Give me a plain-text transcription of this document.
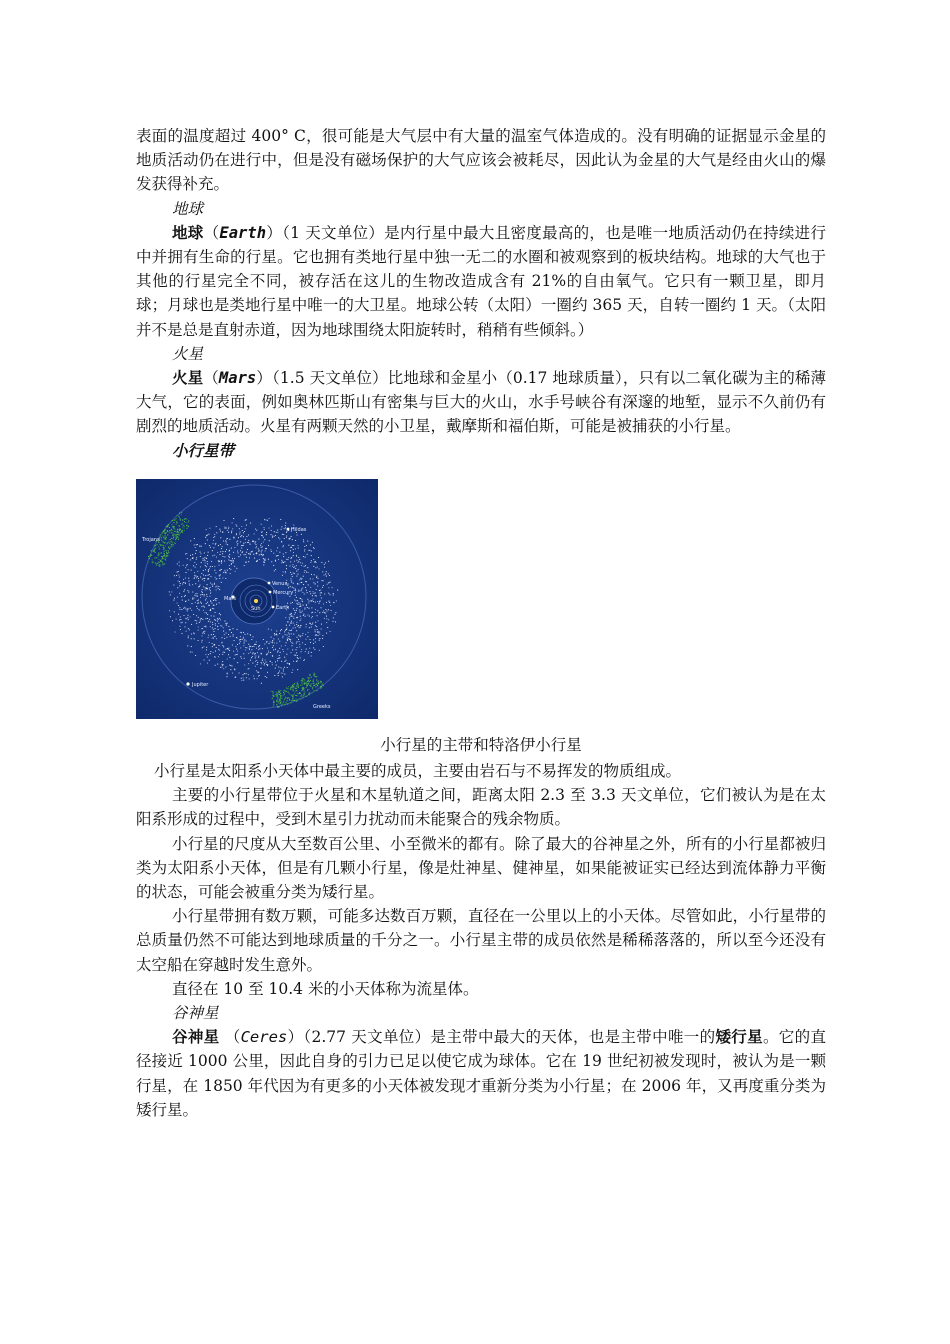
表面的温度超过 400° C，很可能是大气层中有大量的温室气体造成的。没有明确的证据显示金星的地质活动仍在进行中，但是没有磁场保护的大气应该会被耗尽，因此认为金星的大气是经由火山的爆发获得补充。

地球

地球（Earth）（1 天文单位）是内行星中最大且密度最高的，也是唯一地质活动仍在持续进行中并拥有生命的行星。它也拥有类地行星中独一无二的水圈和被观察到的板块结构。地球的大气也于其他的行星完全不同，被存活在这儿的生物改造成含有 21%的自由氧气。它只有一颗卫星，即月球；月球也是类地行星中唯一的大卫星。地球公转（太阳）一圈约 365 天，自转一圈约 1 天。（太阳并不是总是直射赤道，因为地球围绕太阳旋转时，稍稍有些倾斜。）

火星

火星（Mars）（1.5 天文单位）比地球和金星小（0.17 地球质量），只有以二氧化碳为主的稀薄大气，它的表面，例如奥林匹斯山有密集与巨大的火山，水手号峡谷有深邃的地堑，显示不久前仍有剧烈的地质活动。火星有两颗天然的小卫星，戴摩斯和福伯斯，可能是被捕获的小行星。

小行星带

Hildas
Trojans
Greeks
Jupiter
Mars
Venus
Mercury
Earth
Sun

小行星的主带和特洛伊小行星

小行星是太阳系小天体中最主要的成员，主要由岩石与不易挥发的物质组成。

主要的小行星带位于火星和木星轨道之间，距离太阳 2.3 至 3.3 天文单位，它们被认为是在太阳系形成的过程中，受到木星引力扰动而未能聚合的残余物质。

小行星的尺度从大至数百公里、小至微米的都有。除了最大的谷神星之外，所有的小行星都被归类为太阳系小天体，但是有几颗小行星，像是灶神星、健神星，如果能被证实已经达到流体静力平衡的状态，可能会被重分类为矮行星。

小行星带拥有数万颗，可能多达数百万颗，直径在一公里以上的小天体。尽管如此，小行星带的总质量仍然不可能达到地球质量的千分之一。小行星主带的成员依然是稀稀落落的，所以至今还没有太空船在穿越时发生意外。

直径在 10 至 10.4 米的小天体称为流星体。

谷神星

谷神星 （Ceres）（2.77 天文单位）是主带中最大的天体，也是主带中唯一的矮行星。它的直径接近 1000 公里，因此自身的引力已足以使它成为球体。它在 19 世纪初被发现时，被认为是一颗行星，在 1850 年代因为有更多的小天体被发现才重新分类为小行星；在 2006 年，又再度重分类为矮行星。
